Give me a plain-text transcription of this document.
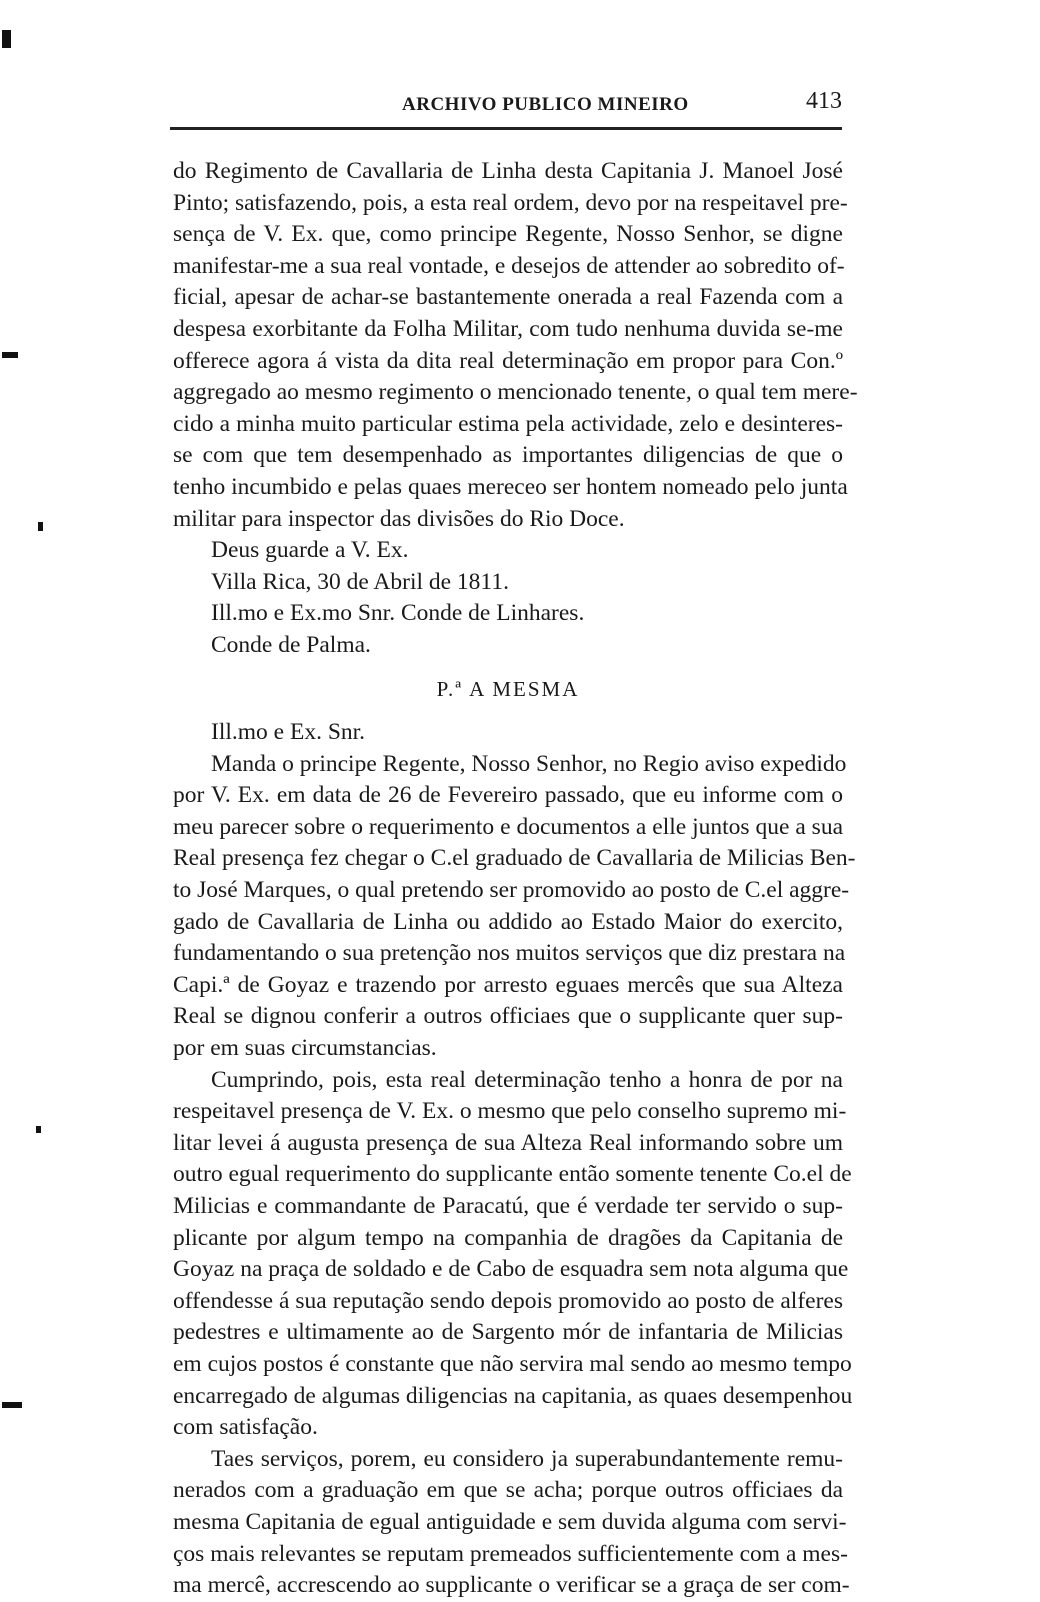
ARCHIVO PUBLICO MINEIRO	413
do Regimento de Cavallaria de Linha desta Capitania J. Manoel José
Pinto; satisfazendo, pois, a esta real ordem, devo por na respeitavel pre-
sença de V. Ex. que, como principe Regente, Nosso Senhor, se digne
manifestar-me a sua real vontade, e desejos de attender ao sobredito of-
ficial, apesar de achar-se bastantemente onerada a real Fazenda com a
despesa exorbitante da Folha Militar, com tudo nenhuma duvida se-me
offerece agora á vista da dita real determinação em propor para Con.º
aggregado ao mesmo regimento o mencionado tenente, o qual tem mere-
cido a minha muito particular estima pela actividade, zelo e desinteres-
se com que tem desempenhado as importantes diligencias de que o
tenho incumbido e pelas quaes mereceo ser hontem nomeado pelo junta
militar para inspector das divisões do Rio Doce.
Deus guarde a V. Ex.
Villa Rica, 30 de Abril de 1811.
Ill.mo e Ex.mo Snr. Conde de Linhares.
Conde de Palma.
P.ª A MESMA
Ill.mo e Ex. Snr.
Manda o principe Regente, Nosso Senhor, no Regio aviso expedido
por V. Ex. em data de 26 de Fevereiro passado, que eu informe com o
meu parecer sobre o requerimento e documentos a elle juntos que a sua
Real presença fez chegar o C.el graduado de Cavallaria de Milicias Ben-
to José Marques, o qual pretendo ser promovido ao posto de C.el aggre-
gado de Cavallaria de Linha ou addido ao Estado Maior do exercito,
fundamentando o sua pretenção nos muitos serviços que diz prestara na
Capi.ª de Goyaz e trazendo por arresto eguaes mercês que sua Alteza
Real se dignou conferir a outros officiaes que o supplicante quer sup-
por em suas circumstancias.
Cumprindo, pois, esta real determinação tenho a honra de por na
respeitavel presença de V. Ex. o mesmo que pelo conselho supremo mi-
litar levei á augusta presença de sua Alteza Real informando sobre um
outro egual requerimento do supplicante então somente tenente Co.el de
Milicias e commandante de Paracatú, que é verdade ter servido o sup-
plicante por algum tempo na companhia de dragões da Capitania de
Goyaz na praça de soldado e de Cabo de esquadra sem nota alguma que
offendesse á sua reputação sendo depois promovido ao posto de alferes
pedestres e ultimamente ao de Sargento mór de infantaria de Milicias
em cujos postos é constante que não servira mal sendo ao mesmo tempo
encarregado de algumas diligencias na capitania, as quaes desempenhou
com satisfação.
Taes serviços, porem, eu considero ja superabundantemente remu-
nerados com a graduação em que se acha; porque outros officiaes da
mesma Capitania de egual antiguidade e sem duvida alguma com servi-
ços mais relevantes se reputam premeados sufficientemente com a mes-
ma mercê, accrescendo ao supplicante o verificar se a graça de ser com-
